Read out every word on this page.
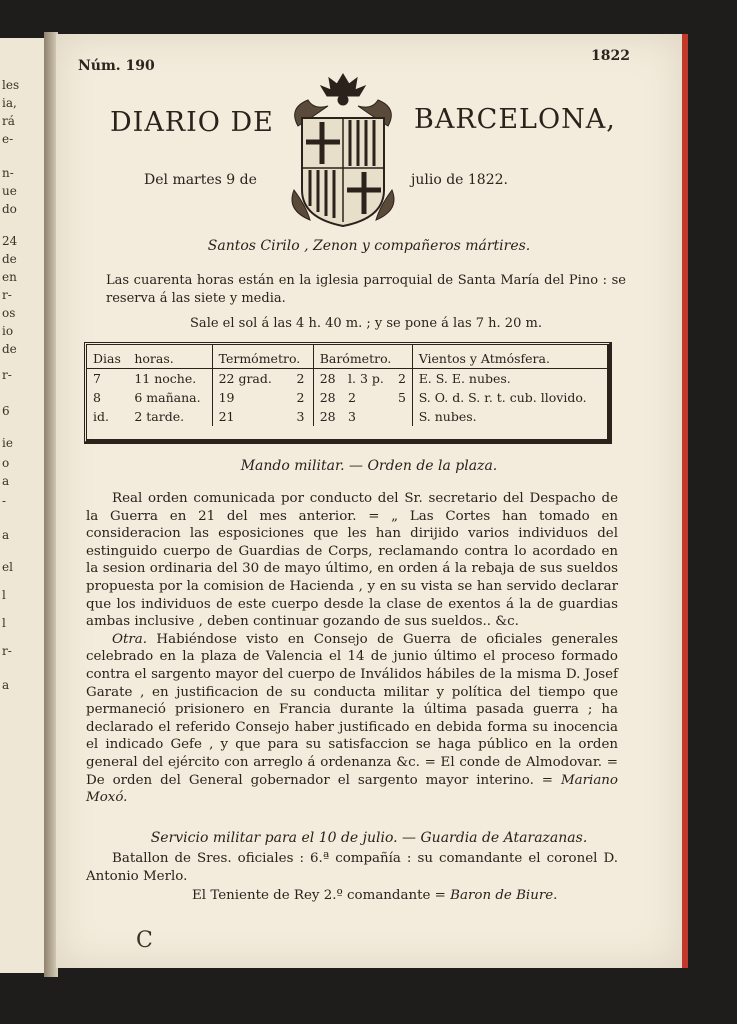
les
ia,
rá
e-
n-
ue
do
24
de
en
r-
os
io
de
r-
6
ie
o
a
-
a
el
l
l
r-
a
Núm. 190
1822
DIARIO DE	BARCELONA,
Del martes 9 de	julio de 1822.
Santos Cirilo , Zenon y compañeros mártires.
Las cuarenta horas están en la iglesia parroquial de Santa María del Pino : se reserva á las siete y media.
Sale el sol á las 4 h. 40 m. ; y se pone á las 7 h. 20 m.
Dias	horas.	Termómetro.		Barómetro.			Vientos y Atmósfera.
7	11 noche.	22 grad.	2	28	l. 3 p.	2	E. S. E. nubes.
8	6 mañana.	19	2	28	2	5	S. O. d. S. r. t. cub. llovido.
id.	2 tarde.	21	3	28	3		S. nubes.
Mando militar. — Orden de la plaza.

Real orden comunicada por conducto del Sr. secretario del Despacho de la Guerra en 21 del mes anterior. = „ Las Cortes han tomado en consideracion las esposiciones que les han dirijido varios individuos del estinguido cuerpo de Guardias de Corps, reclamando contra lo acordado en la sesion ordinaria del 30 de mayo último, en orden á la rebaja de sus sueldos propuesta por la comision de Hacienda , y en su vista se han servido declarar que los individuos de este cuerpo desde la clase de exentos á la de guardias ambas inclusive , deben continuar gozando de sus sueldos.. &c.

Otra. Habiéndose visto en Consejo de Guerra de oficiales generales celebrado en la plaza de Valencia el 14 de junio último el proceso formado contra el sargento mayor del cuerpo de Inválidos hábiles de la misma D. Josef Garate , en justificacion de su conducta militar y política del tiempo que permaneció prisionero en Francia durante la última pasada guerra ; ha declarado el referido Consejo haber justificado en debida forma su inocencia el indicado Gefe , y que para su satisfaccion se haga público en la orden general del ejército con arreglo á ordenanza &c. = El conde de Almodovar. = De orden del General gobernador el sargento mayor interino. = Mariano Moxó.

Servicio militar para el 10 de julio. — Guardia de Atarazanas.

Batallon de Sres. oficiales : 6.ª compañía : su comandante el coronel D. Antonio Merlo.

El Teniente de Rey 2.º comandante = Baron de Biure.
C
